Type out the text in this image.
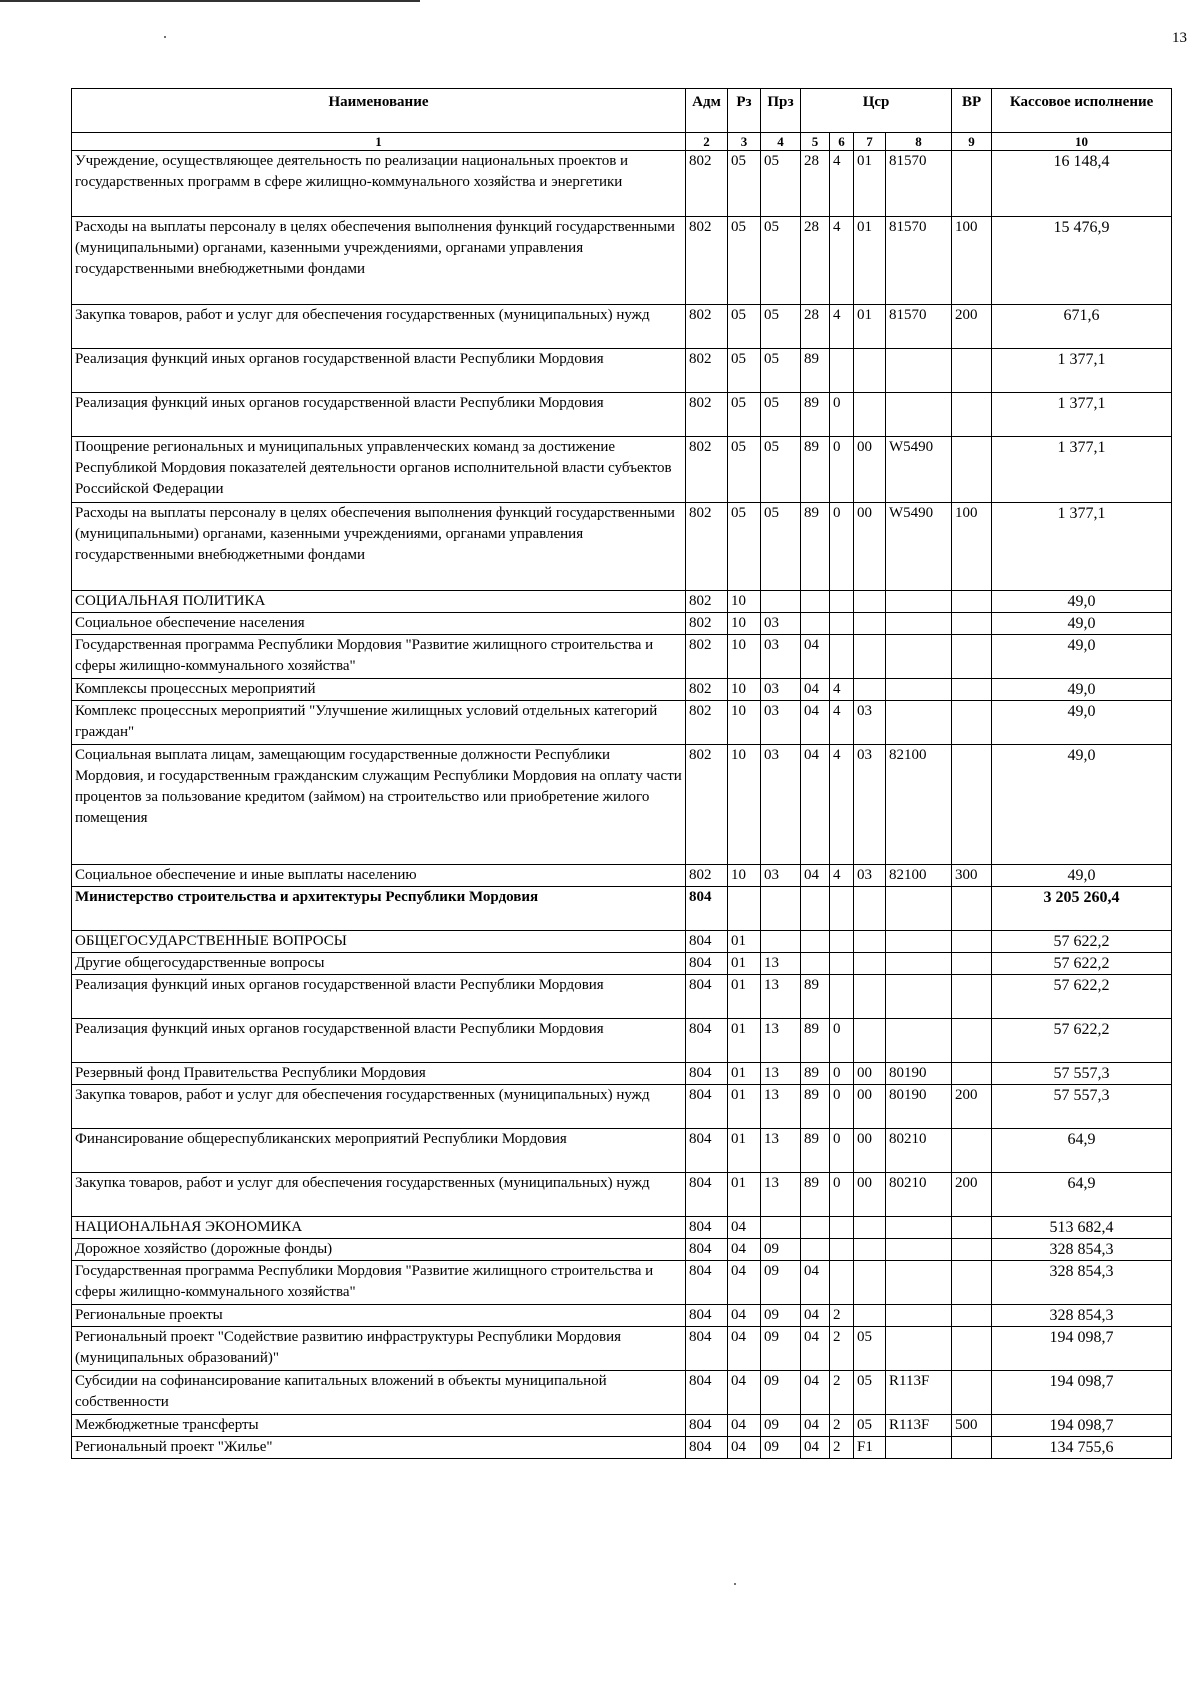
13
Наименование	Адм	Рз	Прз	Цср				ВР	Кассовое исполнение
1	2	3	4	5	6	7	8	9	10
Учреждение, осуществляющее деятельность по реализации национальных проектов и государственных программ в сфере жилищно-коммунального хозяйства и энергетики	802	05	05	28	4	01	81570		16 148,4
Расходы на выплаты персоналу в целях обеспечения выполнения функций государственными (муниципальными) органами, казенными учреждениями, органами управления государственными внебюджетными фондами	802	05	05	28	4	01	81570	100	15 476,9
Закупка товаров, работ и услуг для обеспечения государственных (муниципальных) нужд	802	05	05	28	4	01	81570	200	671,6
Реализация функций иных органов государственной власти Республики Мордовия	802	05	05	89					1 377,1
Реализация функций иных органов государственной власти Республики Мордовия	802	05	05	89	0				1 377,1
Поощрение региональных и муниципальных управленческих команд за достижение Республикой Мордовия показателей деятельности органов исполнительной власти субъектов Российской Федерации	802	05	05	89	0	00	W5490		1 377,1
Расходы на выплаты персоналу в целях обеспечения выполнения функций государственными (муниципальными) органами, казенными учреждениями, органами управления государственными внебюджетными фондами	802	05	05	89	0	00	W5490	100	1 377,1
СОЦИАЛЬНАЯ ПОЛИТИКА	802	10							49,0
Социальное обеспечение населения	802	10	03						49,0
Государственная программа Республики Мордовия "Развитие жилищного строительства и сферы жилищно-коммунального хозяйства"	802	10	03	04					49,0
Комплексы процессных мероприятий	802	10	03	04	4				49,0
Комплекс процессных мероприятий "Улучшение жилищных условий отдельных категорий граждан"	802	10	03	04	4	03			49,0
Социальная выплата лицам, замещающим государственные должности Республики Мордовия, и государственным гражданским служащим Республики Мордовия на оплату части процентов за пользование кредитом (займом) на строительство или приобретение жилого помещения	802	10	03	04	4	03	82100		49,0
Социальное обеспечение и иные выплаты населению	802	10	03	04	4	03	82100	300	49,0
Министерство строительства и архитектуры Республики Мордовия	804								3 205 260,4
ОБЩЕГОСУДАРСТВЕННЫЕ ВОПРОСЫ	804	01							57 622,2
Другие общегосударственные вопросы	804	01	13						57 622,2
Реализация функций иных органов государственной власти Республики Мордовия	804	01	13	89					57 622,2
Реализация функций иных органов государственной власти Республики Мордовия	804	01	13	89	0				57 622,2
Резервный фонд Правительства Республики Мордовия	804	01	13	89	0	00	80190		57 557,3
Закупка товаров, работ и услуг для обеспечения государственных (муниципальных) нужд	804	01	13	89	0	00	80190	200	57 557,3
Финансирование общереспубликанских мероприятий Республики Мордовия	804	01	13	89	0	00	80210		64,9
Закупка товаров, работ и услуг для обеспечения государственных (муниципальных) нужд	804	01	13	89	0	00	80210	200	64,9
НАЦИОНАЛЬНАЯ ЭКОНОМИКА	804	04							513 682,4
Дорожное хозяйство (дорожные фонды)	804	04	09						328 854,3
Государственная программа Республики Мордовия "Развитие жилищного строительства и сферы жилищно-коммунального хозяйства"	804	04	09	04					328 854,3
Региональные проекты	804	04	09	04	2				328 854,3
Региональный проект "Содействие развитию инфраструктуры Республики Мордовия (муниципальных образований)"	804	04	09	04	2	05			194 098,7
Субсидии на софинансирование капитальных вложений в объекты муниципальной собственности	804	04	09	04	2	05	R113F		194 098,7
Межбюджетные трансферты	804	04	09	04	2	05	R113F	500	194 098,7
Региональный проект "Жилье"	804	04	09	04	2	F1			134 755,6
